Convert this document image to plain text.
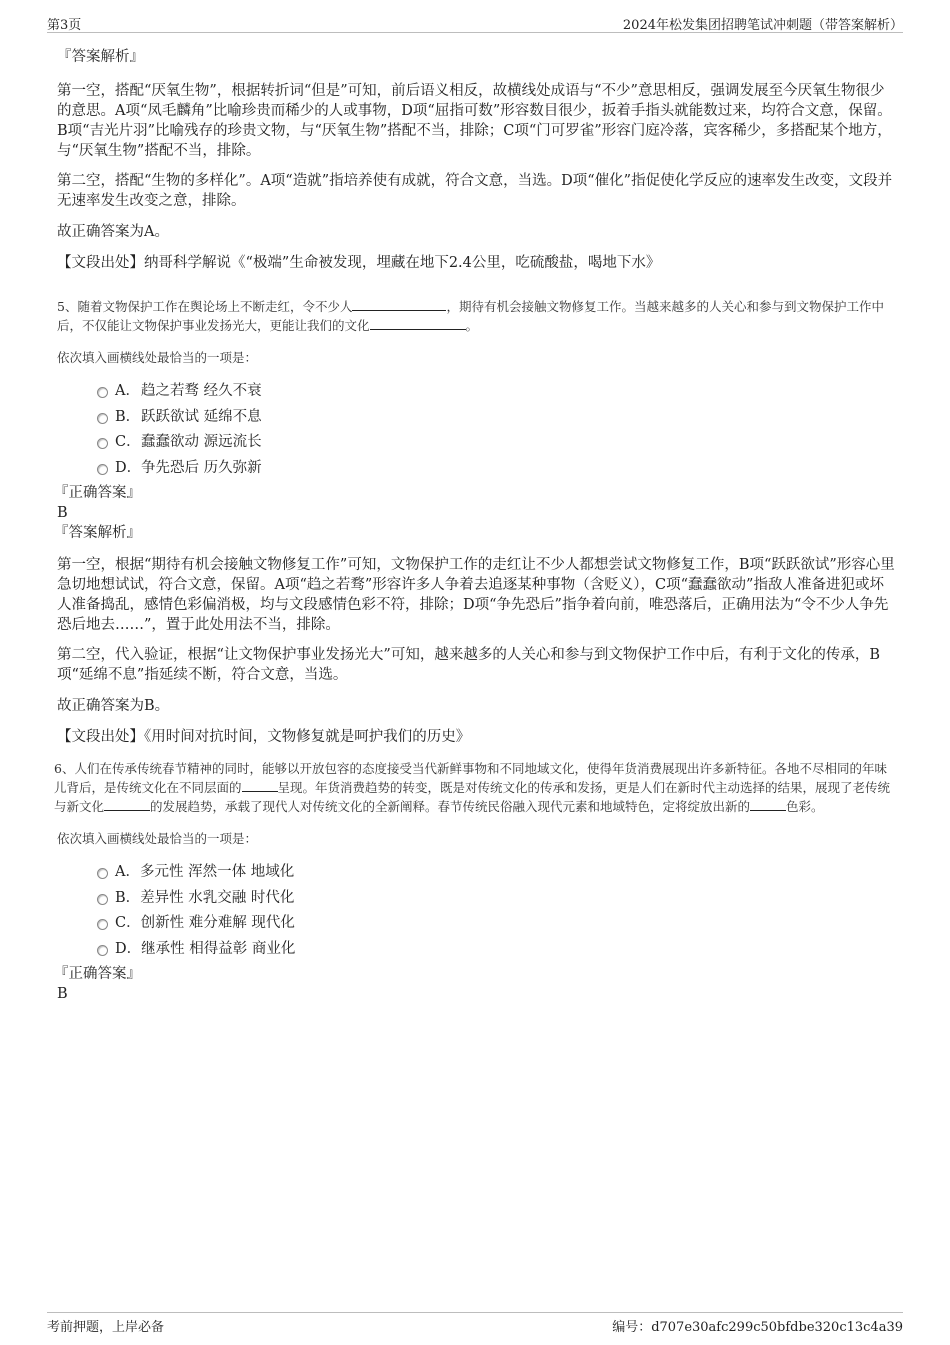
第3页	2024年松发集团招聘笔试冲刺题（带答案解析）

『答案解析』

第一空，搭配“厌氧生物”，根据转折词“但是”可知，前后语义相反，故横线处成语与“不少”意思相反，强调发展至今厌氧生物很少的意思。A项“凤毛麟角”比喻珍贵而稀少的人或事物，D项“屈指可数”形容数目很少，扳着手指头就能数过来，均符合文意，保留。B项“吉光片羽”比喻残存的珍贵文物，与“厌氧生物”搭配不当，排除；C项“门可罗雀”形容门庭冷落，宾客稀少，多搭配某个地方，与“厌氧生物”搭配不当，排除。

第二空，搭配“生物的多样化”。A项“造就”指培养使有成就，符合文意，当选。D项“催化”指促使化学反应的速率发生改变，文段并无速率发生改变之意，排除。

故正确答案为A。

【文段出处】纳哥科学解说《“极端”生命被发现，埋藏在地下2.4公里，吃硫酸盐，喝地下水》

5、随着文物保护工作在舆论场上不断走红，令不少人	，期待有机会接触文物修复工作。当越来越多的人关心和参与到文物保护工作中后，不仅能让文物保护事业发扬光大，更能让我们的文化	。

依次填入画横线处最恰当的一项是：

A．趋之若骛 经久不衰
B．跃跃欲试 延绵不息
C．蠢蠢欲动 源远流长
D．争先恐后 历久弥新

『正确答案』

B

『答案解析』

第一空，根据“期待有机会接触文物修复工作”可知，文物保护工作的走红让不少人都想尝试文物修复工作，B项“跃跃欲试”形容心里急切地想试试，符合文意，保留。A项“趋之若骛”形容许多人争着去追逐某种事物（含贬义），C项“蠢蠢欲动”指敌人准备进犯或坏人准备捣乱，感情色彩偏消极，均与文段感情色彩不符，排除；D项“争先恐后”指争着向前，唯恐落后，正确用法为“令不少人争先恐后地去……”，置于此处用法不当，排除。

第二空，代入验证，根据“让文物保护事业发扬光大”可知，越来越多的人关心和参与到文物保护工作中后，有利于文化的传承，B项“延绵不息”指延续不断，符合文意，当选。

故正确答案为B。

【文段出处】《用时间对抗时间，文物修复就是呵护我们的历史》

6、人们在传承传统春节精神的同时，能够以开放包容的态度接受当代新鲜事物和不同地域文化，使得年货消费展现出许多新特征。各地不尽相同的年味儿背后，是传统文化在不同层面的	呈现。年货消费趋势的转变，既是对传统文化的传承和发扬，更是人们在新时代主动选择的结果，展现了老传统与新文化	的发展趋势，承载了现代人对传统文化的全新阐释。春节传统民俗融入现代元素和地域特色，定将绽放出新的	色彩。

依次填入画横线处最恰当的一项是：

A．多元性 浑然一体 地域化
B．差异性 水乳交融 时代化
C．创新性 难分难解 现代化
D．继承性 相得益彰 商业化

『正确答案』

B

考前押题，上岸必备	编号：d707e30afc299c50bfdbe320c13c4a39
